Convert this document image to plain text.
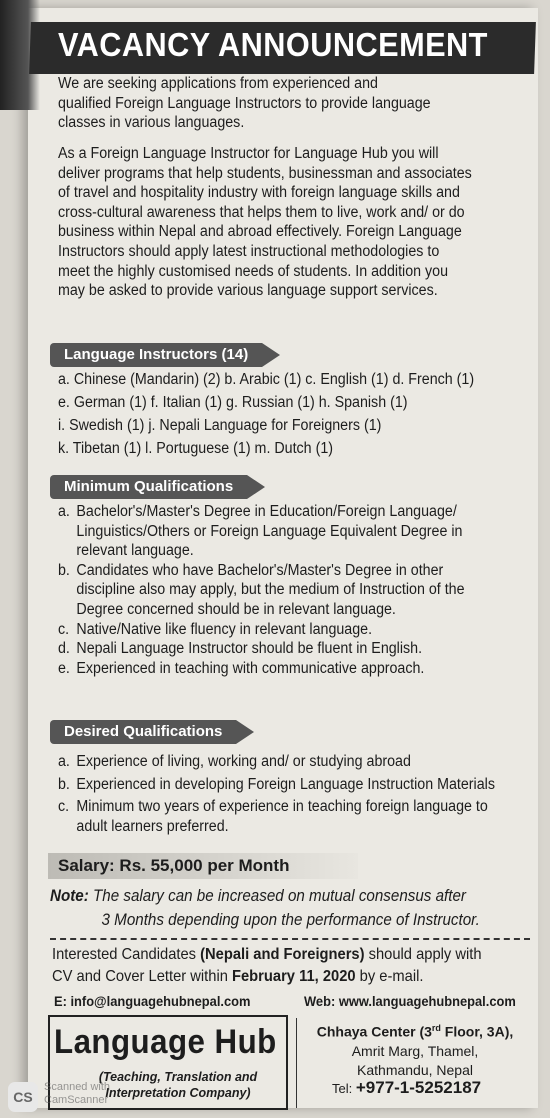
VACANCY ANNOUNCEMENT
We are seeking applications from experienced and
qualified Foreign Language Instructors to provide language
classes in various languages.
As a Foreign Language Instructor for Language Hub you will
deliver programs that help students, businessman and associates
of travel and hospitality industry with foreign language skills and
cross-cultural awareness that helps them to live, work and/ or do
business within Nepal and abroad effectively. Foreign Language
Instructors should apply latest instructional methodologies to
meet the highly customised needs of students. In addition you
may be asked to provide various language support services.
Language Instructors (14)
a. Chinese (Mandarin) (2) b. Arabic (1) c. English (1) d. French (1)
e. German (1) f. Italian (1) g. Russian (1) h. Spanish (1)
i. Swedish (1) j. Nepali Language for Foreigners (1)
k. Tibetan (1) l. Portuguese (1) m. Dutch (1)
Minimum Qualifications
a. Bachelor's/Master's Degree in Education/Foreign Language/ Linguistics/Others or Foreign Language Equivalent Degree in relevant language.
b. Candidates who have Bachelor's/Master's Degree in other discipline also may apply, but the medium of Instruction of the Degree concerned should be in relevant language.
c. Native/Native like fluency in relevant language.
d. Nepali Language Instructor should be fluent in English.
e. Experienced in teaching with communicative approach.
Desired Qualifications
a. Experience of living, working and/ or studying abroad
b. Experienced in developing Foreign Language Instruction Materials
c. Minimum two years of experience in teaching foreign language to adult learners preferred.
Salary: Rs. 55,000 per Month
Note: The salary can be increased on mutual consensus after
3 Months depending upon the performance of Instructor.
Interested Candidates (Nepali and Foreigners) should apply with CV and Cover Letter within February 11, 2020 by e-mail.
E: info@languagehubnepal.com	Web: www.languagehubnepal.com
Language Hub
(Teaching, Translation and
Interpretation Company)
Chhaya Center (3rd Floor, 3A),
Amrit Marg, Thamel,
Kathmandu, Nepal
Tel: +977-1-5252187
CS
Scanned with
CamScanner
